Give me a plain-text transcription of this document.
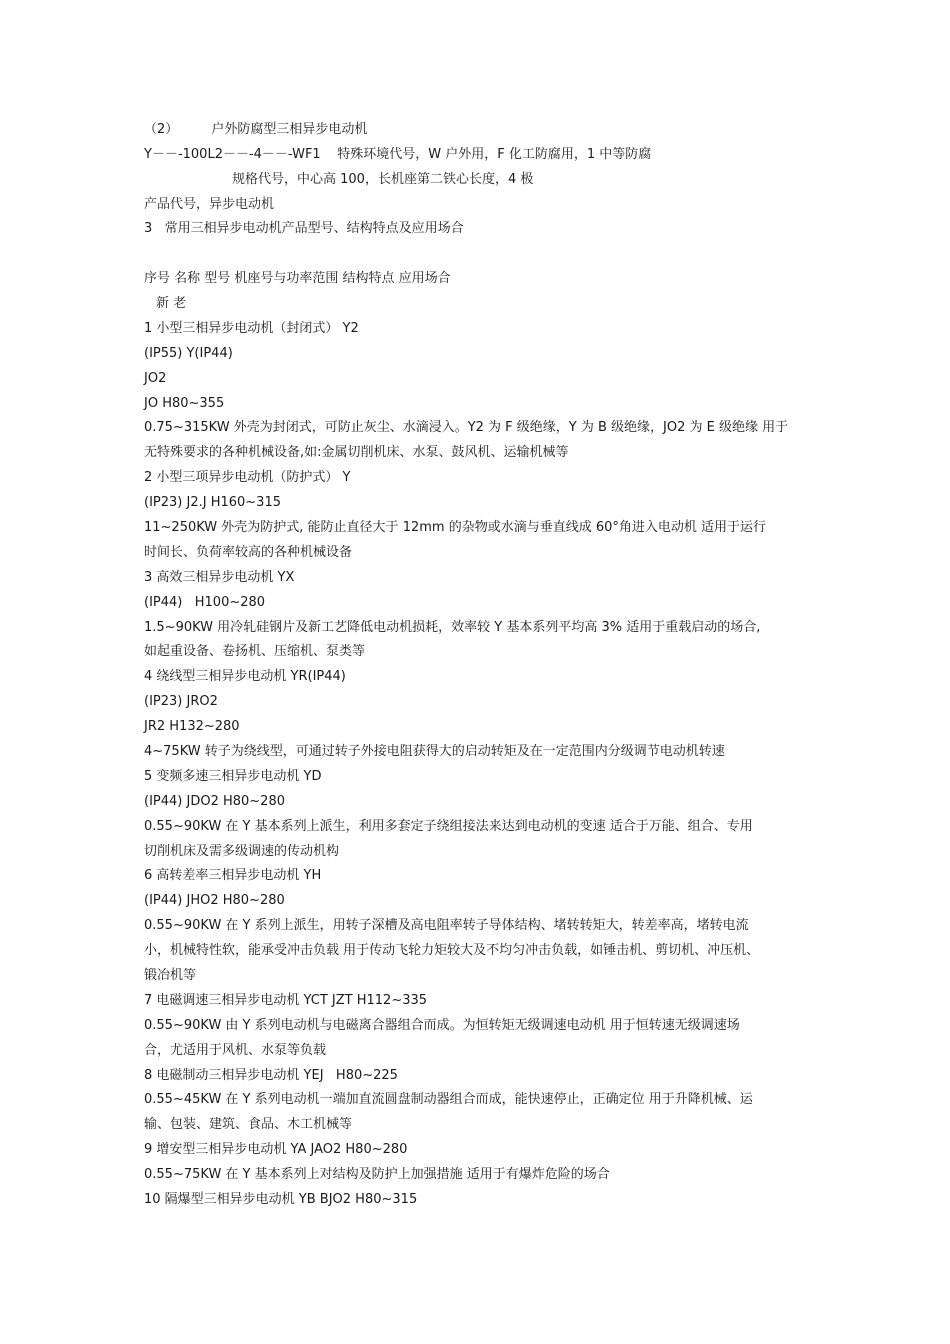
（2）        户外防腐型三相异步电动机
Y－－-100L2－－-4－－-WF1    特殊环境代号，W 户外用，F 化工防腐用，1 中等防腐
规格代号，中心高 100，长机座第二铁心长度，4 极
产品代号，异步电动机
3   常用三相异步电动机产品型号、结构特点及应用场合
序号 名称 型号 机座号与功率范围 结构特点 应用场合
新 老
1 小型三相异步电动机（封闭式） Y2
(IP55) Y(IP44)
JO2
JO H80~355
0.75~315KW 外壳为封闭式，可防止灰尘、水滴浸入。Y2 为 F 级绝缘，Y 为 B 级绝缘，JO2 为 E 级绝缘 用于
无特殊要求的各种机械设备,如:金属切削机床、水泵、鼓风机、运输机械等
2 小型三项异步电动机（防护式） Y
(IP23) J2.J H160~315
11~250KW 外壳为防护式, 能防止直径大于 12mm 的杂物或水滴与垂直线成 60°角进入电动机 适用于运行
时间长、负荷率较高的各种机械设备
3 高效三相异步电动机 YX
(IP44)   H100~280
1.5~90KW 用冷轧硅钢片及新工艺降低电动机损耗，效率较 Y 基本系列平均高 3% 适用于重载启动的场合,
如起重设备、卷扬机、压缩机、泵类等
4 绕线型三相异步电动机 YR(IP44)
(IP23) JRO2
JR2 H132~280
4~75KW 转子为绕线型，可通过转子外接电阻获得大的启动转矩及在一定范围内分级调节电动机转速
5 变频多速三相异步电动机 YD
(IP44) JDO2 H80~280
0.55~90KW 在 Y 基本系列上派生，利用多套定子绕组接法来达到电动机的变速 适合于万能、组合、专用
切削机床及需多级调速的传动机构
6 高转差率三相异步电动机 YH
(IP44) JHO2 H80~280
0.55~90KW 在 Y 系列上派生，用转子深槽及高电阻率转子导体结构、堵转转矩大，转差率高，堵转电流
小，机械特性软，能承受冲击负载 用于传动飞轮力矩较大及不均匀冲击负载，如锤击机、剪切机、冲压机、
锻冶机等
7 电磁调速三相异步电动机 YCT JZT H112~335
0.55~90KW 由 Y 系列电动机与电磁离合器组合而成。为恒转矩无级调速电动机 用于恒转速无级调速场
合，尤适用于风机、水泵等负载
8 电磁制动三相异步电动机 YEJ   H80~225
0.55~45KW 在 Y 系列电动机一端加直流圆盘制动器组合而成，能快速停止，正确定位 用于升降机械、运
输、包装、建筑、食品、木工机械等
9 增安型三相异步电动机 YA JAO2 H80~280
0.55~75KW 在 Y 基本系列上对结构及防护上加强措施 适用于有爆炸危险的场合
10 隔爆型三相异步电动机 YB BJO2 H80~315
